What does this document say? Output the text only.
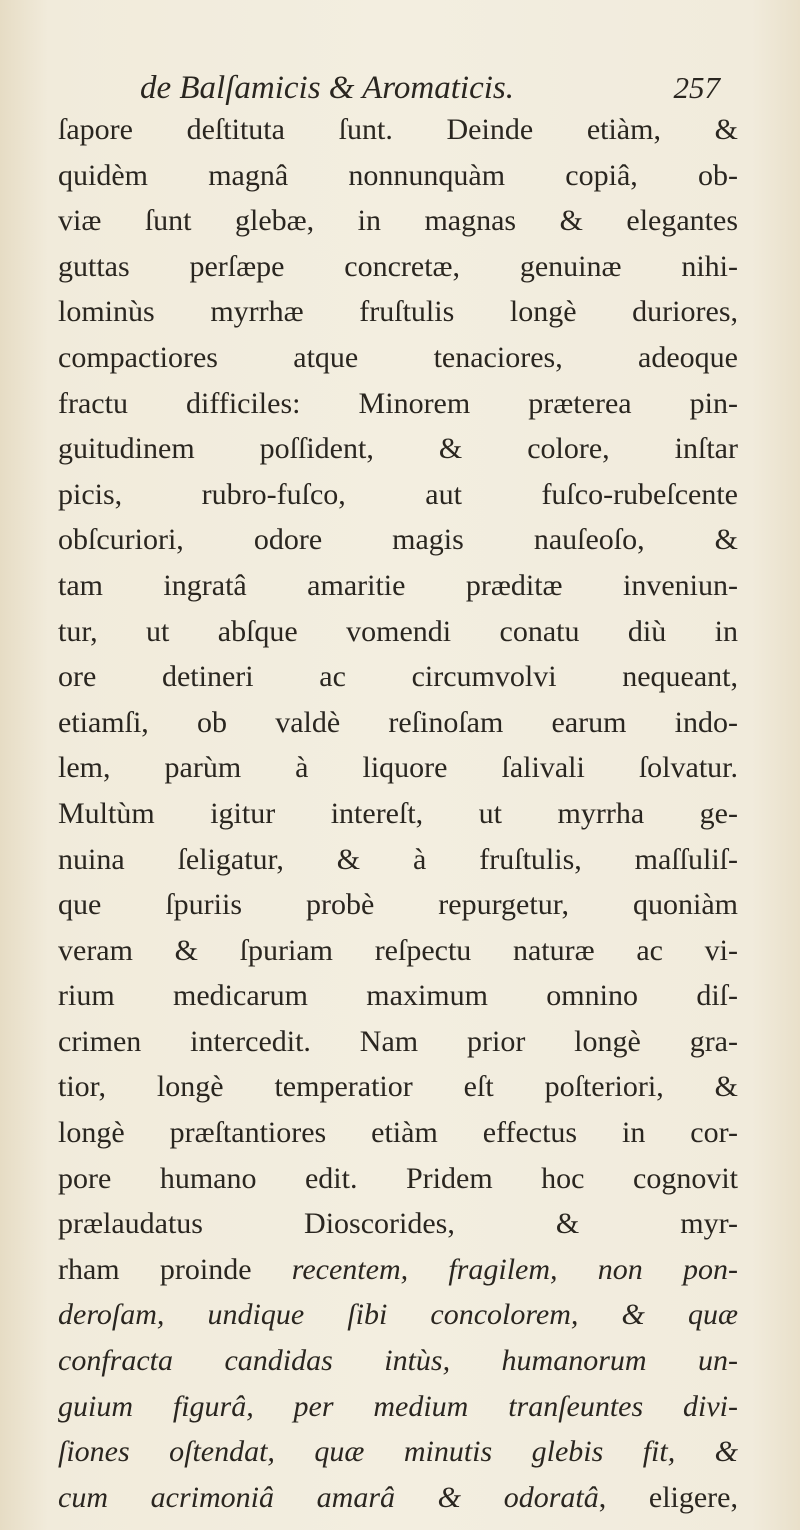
de Balſamicis & Aromaticis.	257
ſapore deſtituta ſunt. Deinde etiàm, &
quidèm magnâ nonnunquàm copiâ, ob-
viæ ſunt glebæ, in magnas & elegantes
guttas perſæpe concretæ, genuinæ nihi-
lominùs myrrhæ fruſtulis longè duriores,
compactiores atque tenaciores, adeoque
fractu difficiles: Minorem præterea pin-
guitudinem poſſident, & colore, inſtar
picis, rubro-fuſco, aut fuſco-rubeſcente
obſcuriori, odore magis nauſeoſo, &
tam ingratâ amaritie præditæ inveniun-
tur, ut abſque vomendi conatu diù in
ore detineri ac circumvolvi nequeant,
etiamſi, ob valdè reſinoſam earum indo-
lem, parùm à liquore ſalivali ſolvatur.
Multùm igitur intereſt, ut myrrha ge-
nuina ſeligatur, & à fruſtulis, maſſuliſ-
que ſpuriis probè repurgetur, quoniàm
veram & ſpuriam reſpectu naturæ ac vi-
rium medicarum maximum omnino diſ-
crimen intercedit. Nam prior longè gra-
tior, longè temperatior eſt poſteriori, &
longè præſtantiores etiàm effectus in cor-
pore humano edit. Pridem hoc cognovit
prælaudatus Dioscorides, & myr-
rham proinde recentem, fragilem, non pon-
deroſam, undique ſibi concolorem, & quæ
confracta candidas intùs, humanorum un-
guium figurâ, per medium tranſeuntes divi-
ſiones oſtendat, quæ minutis glebis fit, &
cum acrimoniâ amarâ & odoratâ, eligere,
